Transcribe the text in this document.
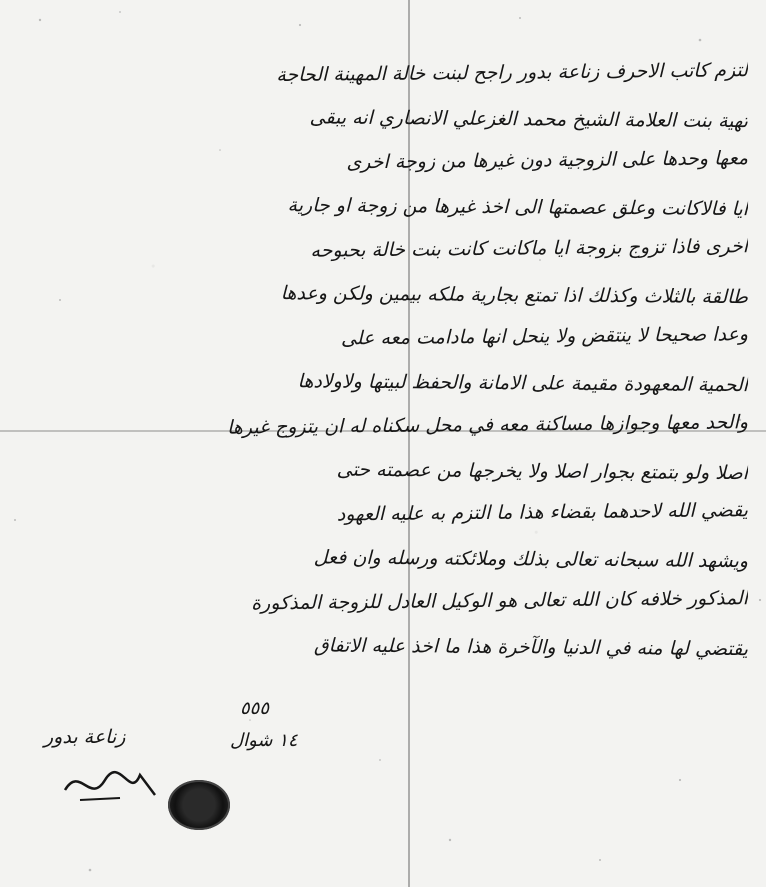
لتزم كاتب الاحرف زناعة بدور راجح لبنت خالة المهينة الحاجة
تهية بنت العلامة الشيخ محمد الغزعلي الانصاري انه يبقى
معها وحدها على الزوجية دون غيرها من زوجة اخرى
ايا فالاكانت وعلق عصمتها الى اخذ غيرها من زوجة او جارية
اخرى فاذا تزوج بزوجة ايا ماكانت كانت بنت خالة بحبوحه
طالقة بالثلاث وكذلك اذا تمتع بجارية ملكه بيمين ولكن وعدها
وعدا صحيحا لا ينتقض ولا ينحل انها مادامت معه على
الحمية المعهودة مقيمة على الامانة والحفظ لبيتها ولاولادها
والحد معها وجوازها مساكنة معه في محل سكناه له ان يتزوج غيرها
اصلا ولو بتمتع بجوار اصلا ولا يخرجها من عصمته حتى
يقضي الله لاحدهما بقضاء هذا ما التزم به عليه العهود
ويشهد الله سبحانه تعالى بذلك وملائكته ورسله وان فعل
المذكور خلافه كان الله تعالى هو الوكيل العادل للزوجة المذكورة
يقتضي لها منه في الدنيا والآخرة هذا ما اخذ عليه الاتفاق
٥٥٥
١٤ شوال
زناعة بدور
